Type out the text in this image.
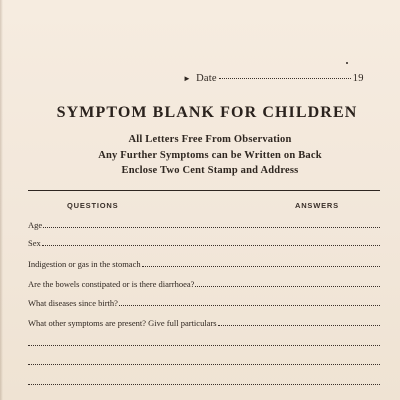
► Date	19
SYMPTOM BLANK FOR CHILDREN
All Letters Free From Observation
Any Further Symptoms can be Written on Back
Enclose Two Cent Stamp and Address
QUESTIONS	ANSWERS
Age
Sex
Indigestion or gas in the stomach
Are the bowels constipated or is there diarrhoea?
What diseases since birth?
What other symptoms are present? Give full particulars
